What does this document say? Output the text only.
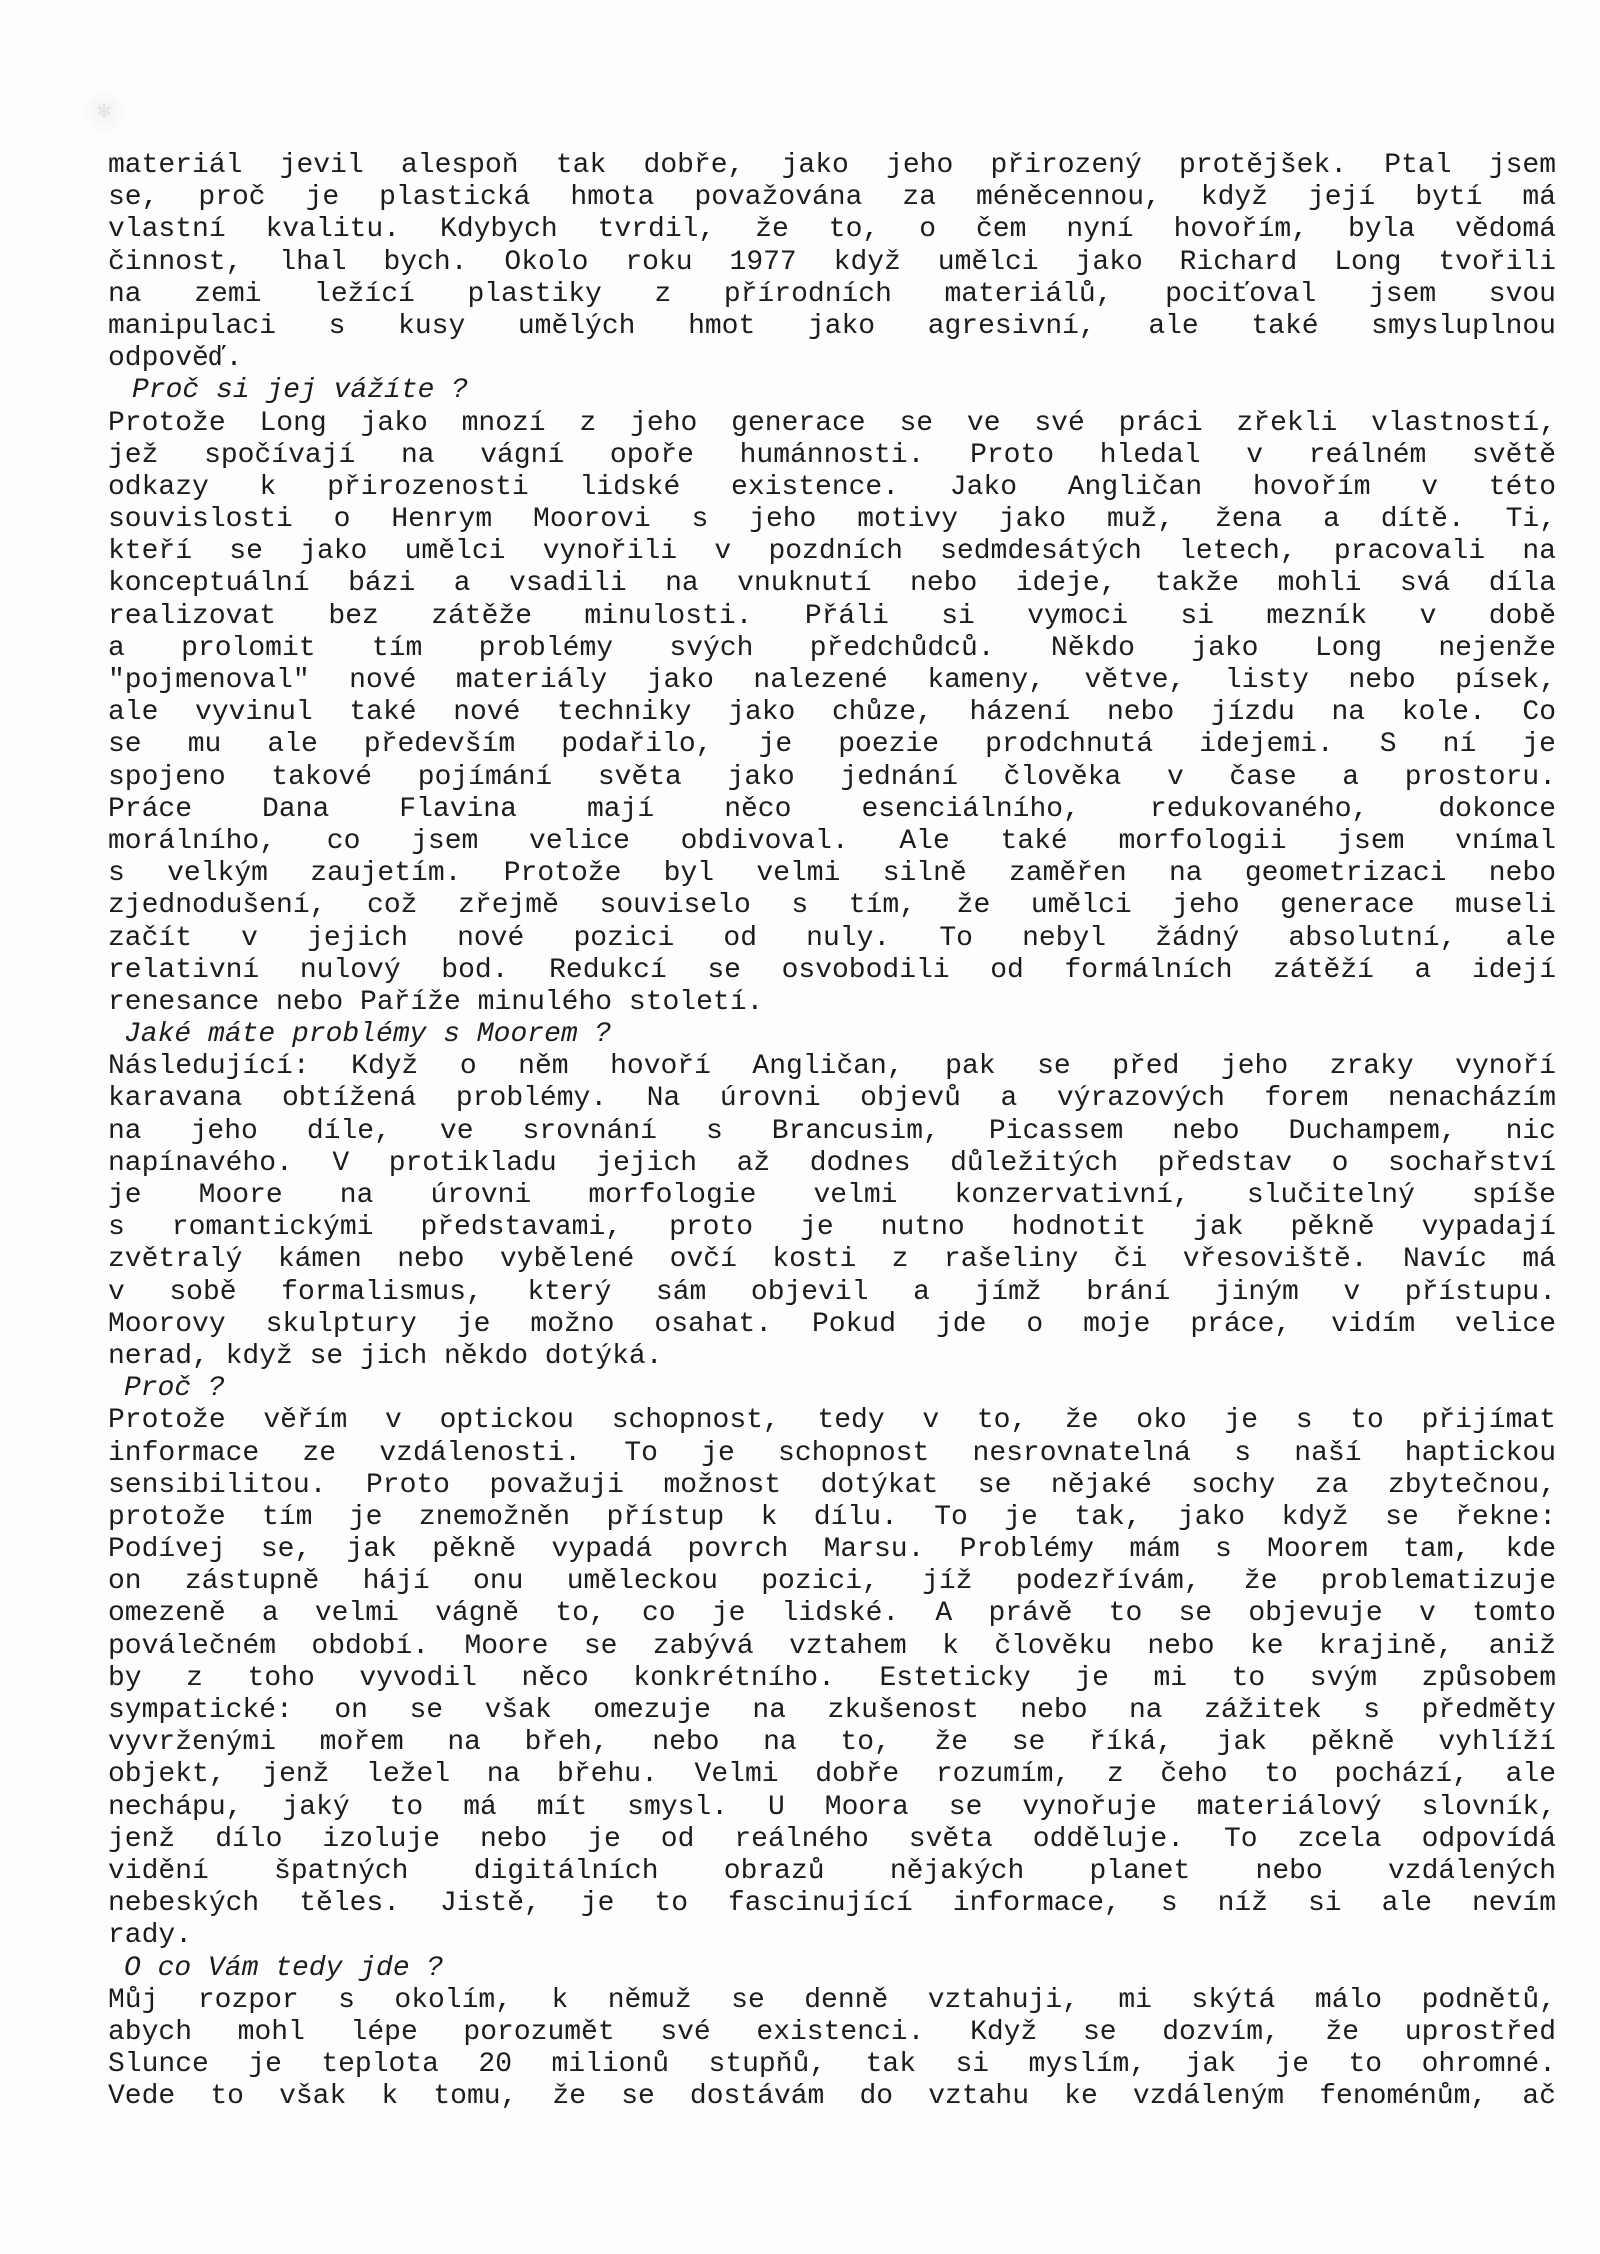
✻
materiál jevil alespoň tak dobře, jako jeho přirozený protějšek. Ptal jsem
se, proč je plastická hmota považována za méněcennou, když její bytí má
vlastní kvalitu. Kdybych tvrdil, že to, o čem nyní hovořím, byla vědomá
činnost, lhal bych. Okolo roku 1977 když umělci jako Richard Long tvořili
na zemi ležící plastiky z přírodních materiálů, pociťoval jsem svou
manipulaci s kusy umělých hmot jako agresivní, ale také smysluplnou
odpověď.
Proč si jej vážíte ?
Protože Long jako mnozí z jeho generace se ve své práci zřekli vlastností,
jež spočívají na vágní opoře humánnosti. Proto hledal v reálném světě
odkazy k přirozenosti lidské existence. Jako Angličan hovořím v této
souvislosti o Henrym Moorovi s jeho motivy jako muž, žena a dítě. Ti,
kteří se jako umělci vynořili v pozdních sedmdesátých letech, pracovali na
konceptuální bázi a vsadili na vnuknutí nebo ideje, takže mohli svá díla
realizovat bez zátěže minulosti. Přáli si vymoci si mezník v době
a prolomit tím problémy svých předchůdců. Někdo jako Long nejenže
"pojmenoval" nové materiály jako nalezené kameny, větve, listy nebo písek,
ale vyvinul také nové techniky jako chůze, házení nebo jízdu na kole. Co
se mu ale především podařilo, je poezie prodchnutá idejemi. S ní je
spojeno takové pojímání světa jako jednání člověka v čase a prostoru.
Práce Dana Flavina mají něco esenciálního, redukovaného, dokonce
morálního, co jsem velice obdivoval. Ale také morfologii jsem vnímal
s velkým zaujetím. Protože byl velmi silně zaměřen na geometrizaci nebo
zjednodušení, což zřejmě souviselo s tím, že umělci jeho generace museli
začít v jejich nové pozici od nuly. To nebyl žádný absolutní, ale
relativní nulový bod. Redukcí se osvobodili od formálních zátěží a idejí
renesance nebo Paříže minulého století.
Jaké máte problémy s Moorem ?
Následující: Když o něm hovoří Angličan, pak se před jeho zraky vynoří
karavana obtížená problémy. Na úrovni objevů a výrazových forem nenacházím
na jeho díle, ve srovnání s Brancusim, Picassem nebo Duchampem, nic
napínavého. V protikladu jejich až dodnes důležitých představ o sochařství
je Moore na úrovni morfologie velmi konzervativní, slučitelný spíše
s romantickými představami, proto je nutno hodnotit jak pěkně vypadají
zvětralý kámen nebo vybělené ovčí kosti z rašeliny či vřesoviště. Navíc má
v sobě formalismus, který sám objevil a jímž brání jiným v přístupu.
Moorovy skulptury je možno osahat. Pokud jde o moje práce, vidím velice
nerad, když se jich někdo dotýká.
Proč ?
Protože věřím v optickou schopnost, tedy v to, že oko je s to přijímat
informace ze vzdálenosti. To je schopnost nesrovnatelná s naší haptickou
sensibilitou. Proto považuji možnost dotýkat se nějaké sochy za zbytečnou,
protože tím je znemožněn přístup k dílu. To je tak, jako když se řekne:
Podívej se, jak pěkně vypadá povrch Marsu. Problémy mám s Moorem tam, kde
on zástupně hájí onu uměleckou pozici, jíž podezřívám, že problematizuje
omezeně a velmi vágně to, co je lidské. A právě to se objevuje v tomto
poválečném období. Moore se zabývá vztahem k člověku nebo ke krajině, aniž
by z toho vyvodil něco konkrétního. Esteticky je mi to svým způsobem
sympatické: on se však omezuje na zkušenost nebo na zážitek s předměty
vyvrženými mořem na břeh, nebo na to, že se říká, jak pěkně vyhlíží
objekt, jenž ležel na břehu. Velmi dobře rozumím, z čeho to pochází, ale
nechápu, jaký to má mít smysl. U Moora se vynořuje materiálový slovník,
jenž dílo izoluje nebo je od reálného světa odděluje. To zcela odpovídá
vidění špatných digitálních obrazů nějakých planet nebo vzdálených
nebeských těles. Jistě, je to fascinující informace, s níž si ale nevím
rady.
O co Vám tedy jde ?
Můj rozpor s okolím, k němuž se denně vztahuji, mi skýtá málo podnětů,
abych mohl lépe porozumět své existenci. Když se dozvím, že uprostřed
Slunce je teplota 20 milionů stupňů, tak si myslím, jak je to ohromné.
Vede to však k tomu, že se dostávám do vztahu ke vzdáleným fenoménům, ač
